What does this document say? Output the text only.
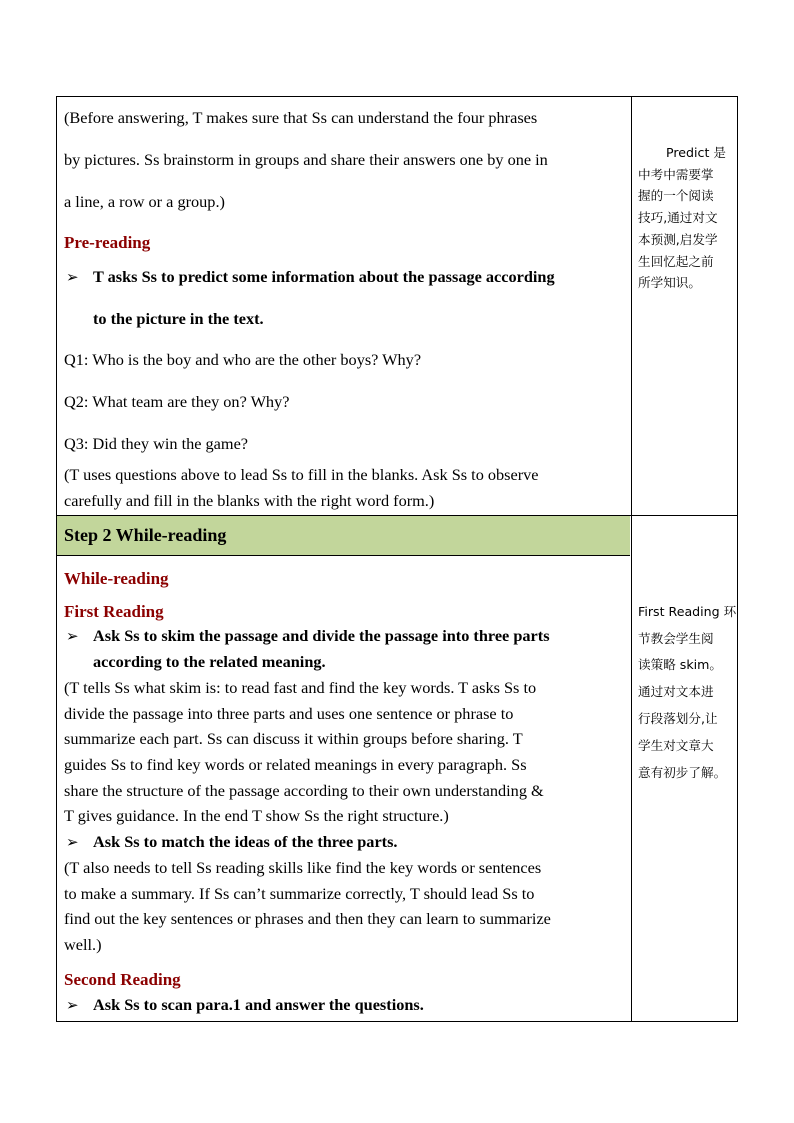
(Before answering, T makes sure that Ss can understand the four phrases
by pictures. Ss brainstorm in groups and share their answers one by one in
a line, a row or a group.)
Pre-reading
➢ T asks Ss to predict some information about the passage according
to the picture in the text.
Q1: Who is the boy and who are the other boys? Why?
Q2: What team are they on? Why?
Q3: Did they win the game?
(T uses questions above to lead Ss to fill in the blanks. Ask Ss to observe
carefully and fill in the blanks with the right word form.)
Predict 是
中考中需要掌
握的一个阅读
技巧,通过对文
本预测,启发学
生回忆起之前
所学知识。
Step 2 While-reading
While-reading
First Reading
➢ Ask Ss to skim the passage and divide the passage into three parts
according to the related meaning.
(T tells Ss what skim is: to read fast and find the key words. T asks Ss to
divide the passage into three parts and uses one sentence or phrase to
summarize each part. Ss can discuss it within groups before sharing. T
guides Ss to find key words or related meanings in every paragraph. Ss
share the structure of the passage according to their own understanding &
T gives guidance. In the end T show Ss the right structure.)
➢ Ask Ss to match the ideas of the three parts.
(T also needs to tell Ss reading skills like find the key words or sentences
to make a summary. If Ss can’t summarize correctly, T should lead Ss to
find out the key sentences or phrases and then they can learn to summarize
well.)
Second Reading
➢ Ask Ss to scan para.1 and answer the questions.
First Reading 环
节教会学生阅
读策略 skim。
通过对文本进
行段落划分,让
学生对文章大
意有初步了解。
